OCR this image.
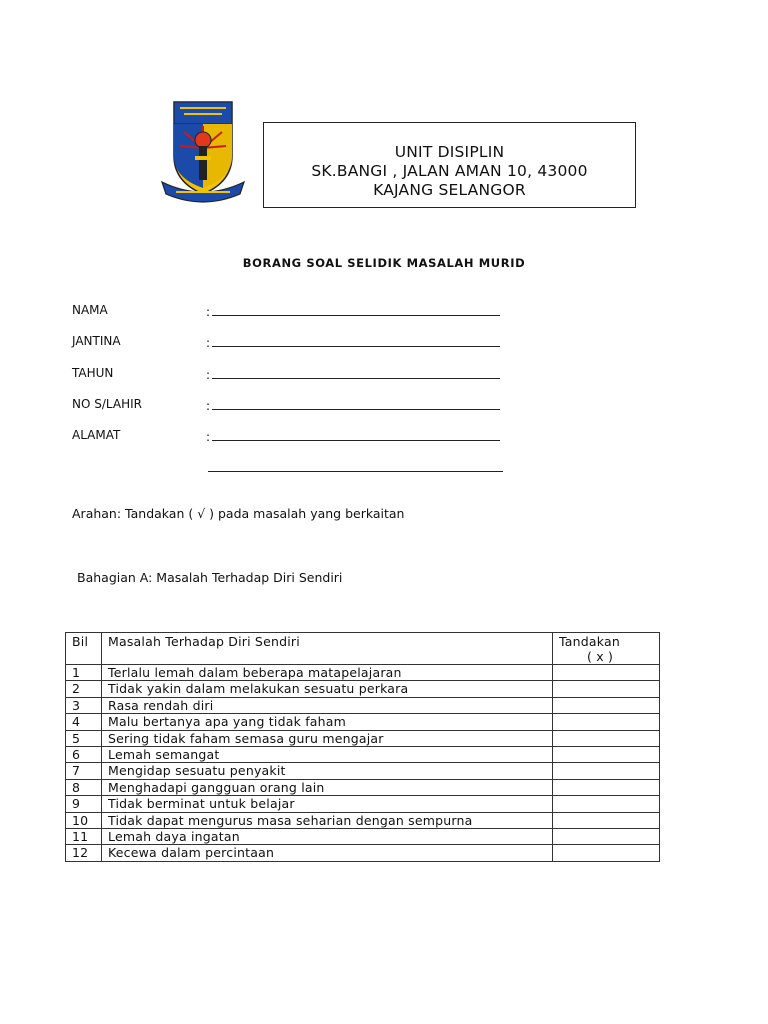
UNIT DISIPLIN
SK.BANGI , JALAN AMAN 10, 43000
KAJANG SELANGOR
BORANG SOAL SELIDIK MASALAH MURID
NAMA	:
JANTINA	:
TAHUN	:
NO S/LAHIR	:
ALAMAT	:
Arahan: Tandakan ( √ ) pada masalah yang berkaitan
Bahagian A: Masalah Terhadap Diri Sendiri
Bil	Masalah Terhadap Diri Sendiri	Tandakan
( x )

1	Terlalu lemah dalam beberapa matapelajaran	
2	Tidak yakin dalam melakukan sesuatu perkara	
3	Rasa rendah diri	
4	Malu bertanya apa yang tidak faham	
5	Sering tidak faham semasa guru mengajar	
6	Lemah semangat	
7	Mengidap sesuatu penyakit	
8	Menghadapi gangguan orang lain	
9	Tidak berminat untuk belajar	
10	Tidak dapat mengurus masa seharian dengan sempurna	
11	Lemah daya ingatan	
12	Kecewa dalam percintaan	
